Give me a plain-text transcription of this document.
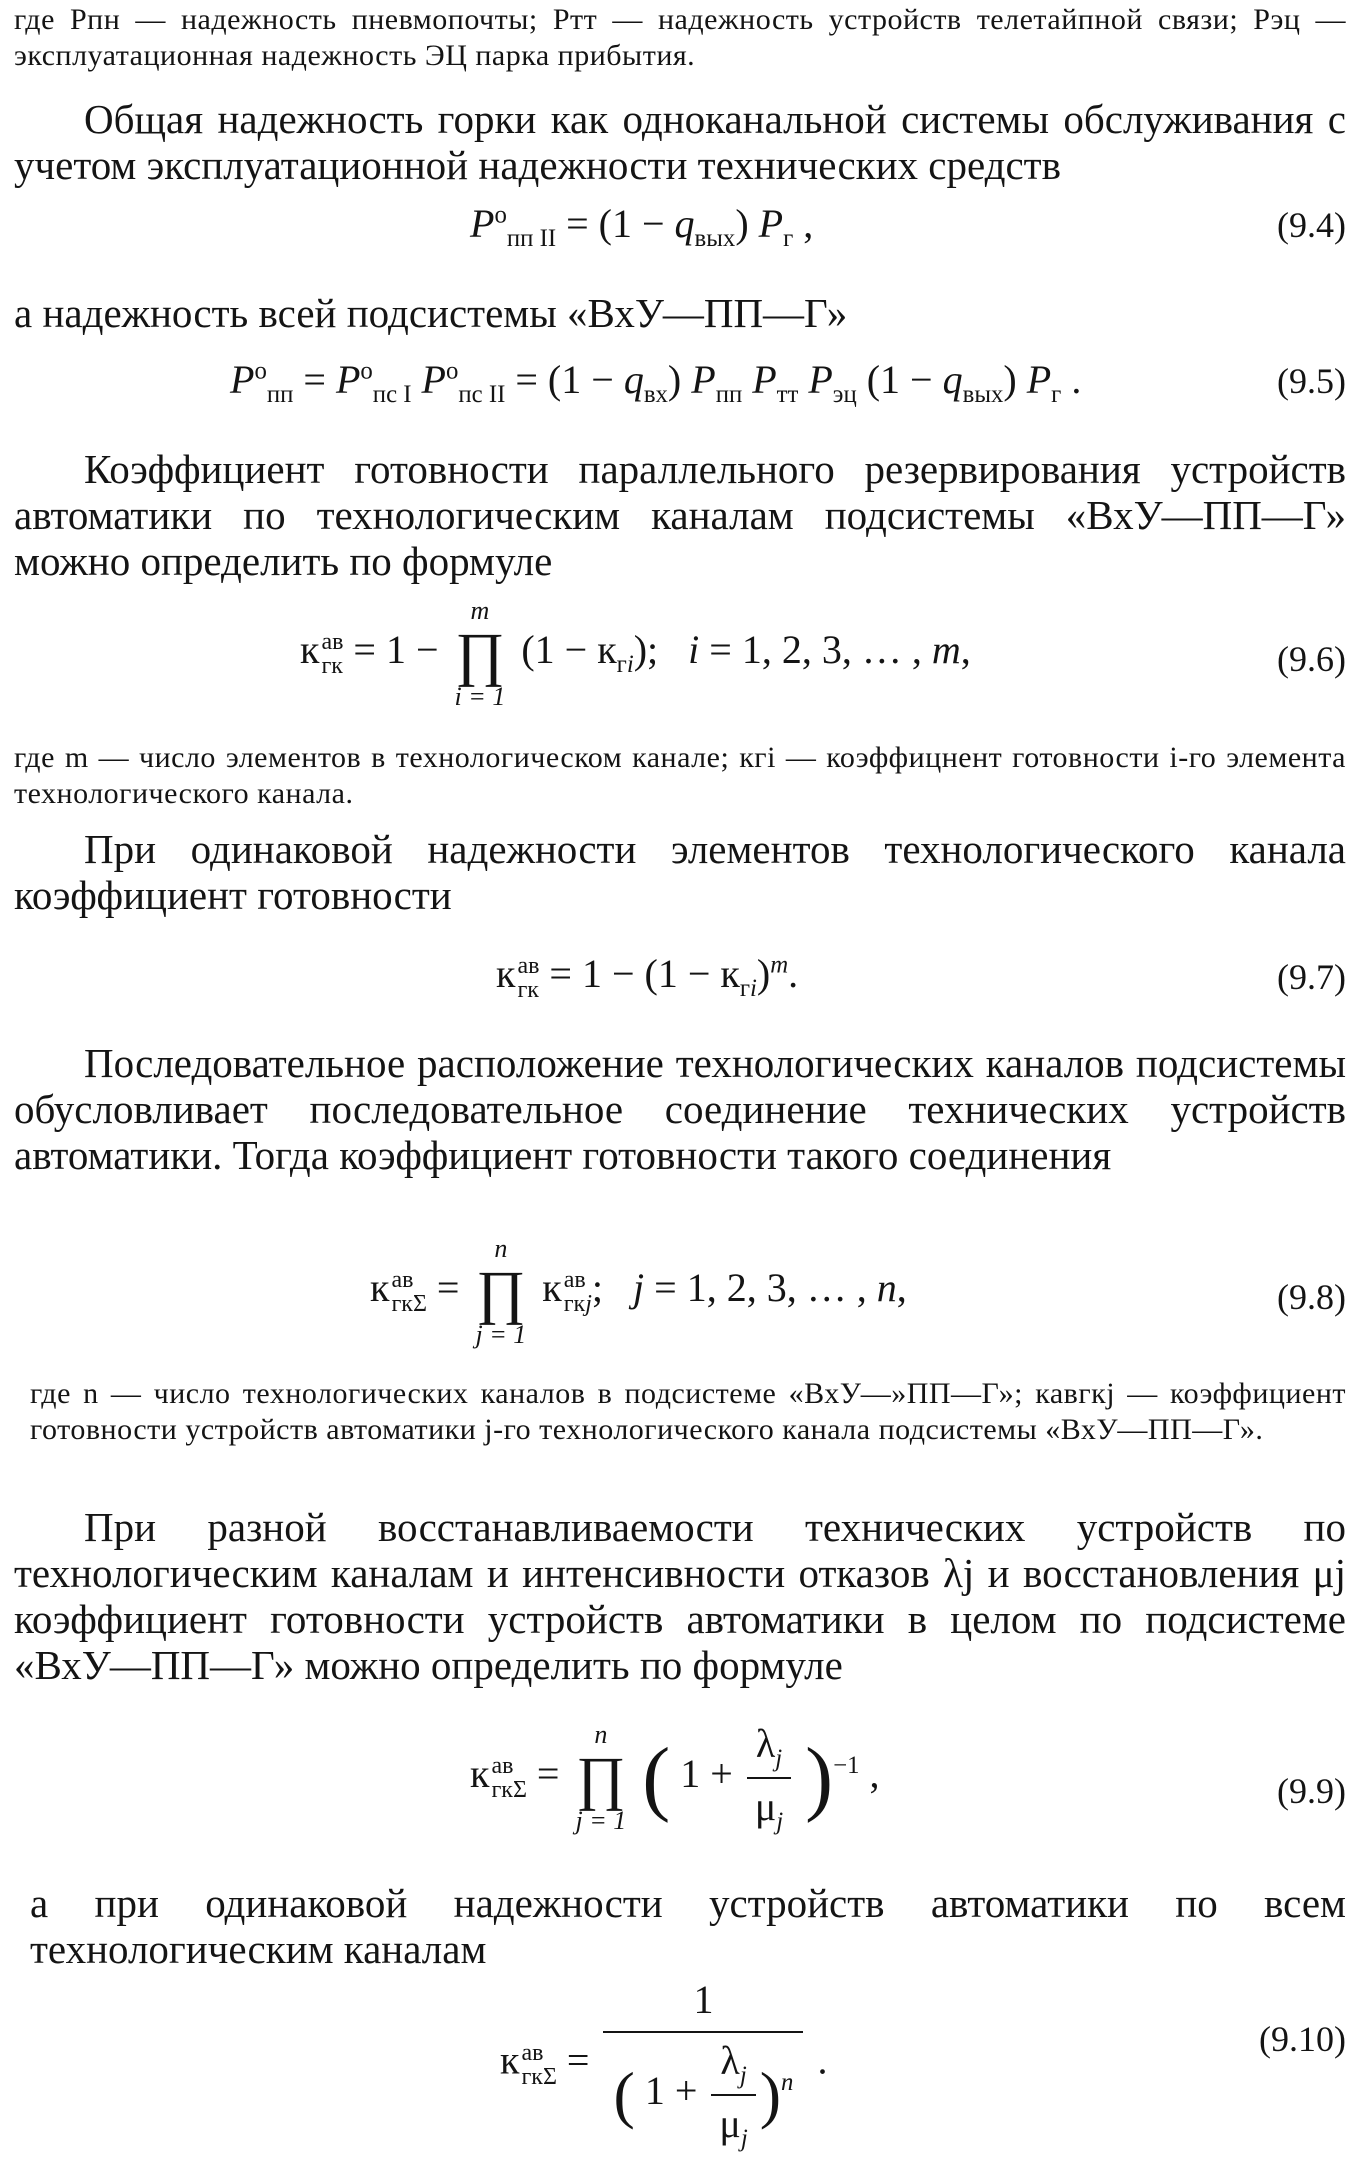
где Pпн — надежность пневмопочты; Pтт — надежность устройств телетайпной связи; Pэц — эксплуатационная надежность ЭЦ парка прибытия.
Общая надежность горки как одноканальной системы обслуживания с учетом эксплуатационной надежности технических средств
$P^о_{пп II} = (1 - q_{вых})$ $P_г$ ,	(9.4)
а надежность всей подсистемы «ВхУ—ПП—Г»
$P^о_{пп} = P^о_{пс I}$ $P^о_{пс II} = (1 - q_{вх})$ $P_{пп}$ $P_{тт}$ $P_{эц}$ $(1 - q_{вых})$ $P_г$ .	(9.5)
Коэффициент готовности параллельного резервирования устройств автоматики по технологическим каналам подсистемы «ВхУ—ПП—Г» можно определить по формуле
к ав
гк = 1 −
m
∏
i = 1
$(1 - к_{гi})$;   i = 1, 2, 3, … , m,	(9.6)
где m — число элементов в технологическом канале; кгi — коэффицнент готовности i-го элемента технологического канала.
При одинаковой надежности элементов технологического канала коэффициент готовности
к ав
гк = $1 - (1 - к_{гi})^m$.	(9.7)
Последовательное расположение технологических каналов подсистемы обусловливает последовательное соединение технических устройств автоматики. Тогда коэффициент готовности такого соединения
к ав
гкΣ =
n
∏
j = 1
к ав
гкj ;   j = 1, 2, 3, … , n,	(9.8)
где n — число технологических каналов в подсистеме «ВхУ—»ПП—Г»; кавгкj — коэффициент готовности устройств автоматики j-го технологического канала подсистемы «ВхУ—ПП—Г».
При разной восстанавливаемости технических устройств по технологическим каналам и интенсивности отказов λj и восстановления μj коэффициент готовности устройств автоматики в целом по подсистеме «ВхУ—ПП—Г» можно определить по формуле
к ав
гкΣ =
n
∏
j = 1 ( $1 + \frac{\lambda_j}{\mu_j} )^{-1}$ ,	(9.9)
а при одинаковой надежности устройств автоматики по всем технологическим каналам
к ав
$гк\Sigma = \frac{1}{( 1 + \frac{\lambda_j}{\mu_j} )^n}$ .	(9.10)
